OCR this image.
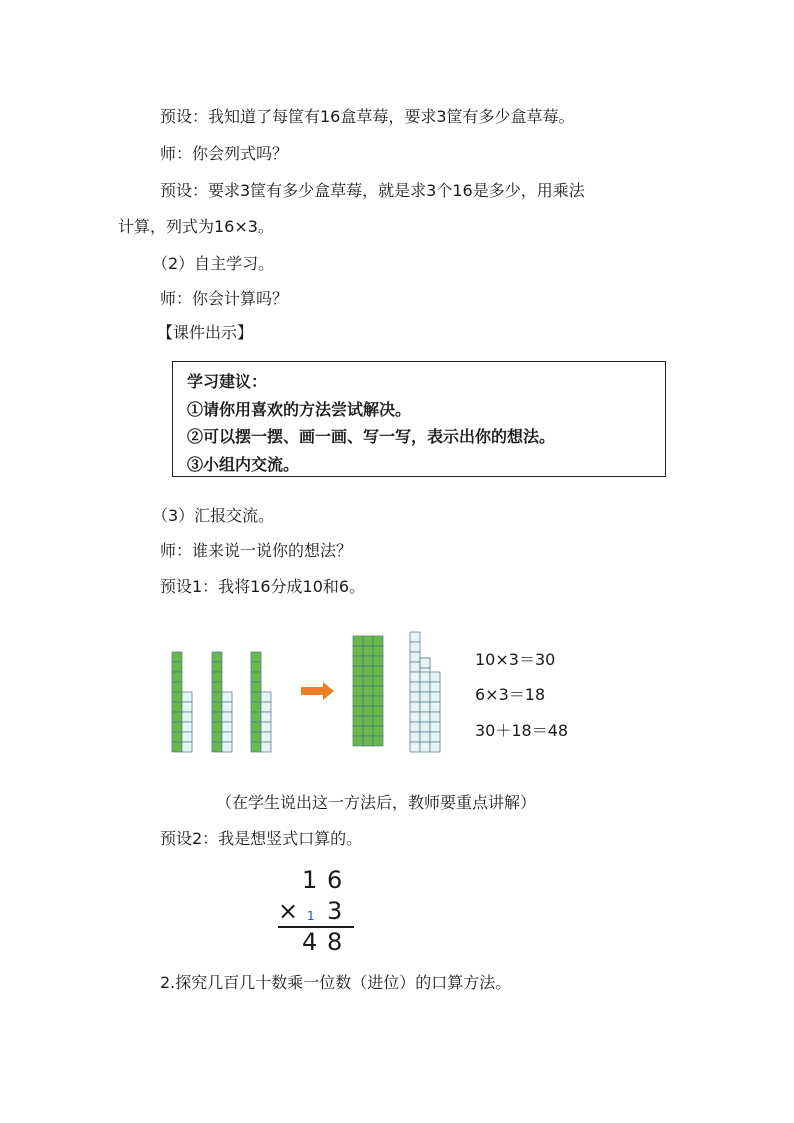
预设：我知道了每筐有16盒草莓，要求3筐有多少盒草莓。
师：你会列式吗？
预设：要求3筐有多少盒草莓，就是求3个16是多少，用乘法
计算，列式为16×3。
（2）自主学习。
师：你会计算吗？
【课件出示】
学习建议：
①请你用喜欢的方法尝试解决。
②可以摆一摆、画一画、写一写，表示出你的想法。
③小组内交流。
（3）汇报交流。
师：谁来说一说你的想法？
预设1：我将16分成10和6。
10×3＝30
6×3＝18
30＋18＝48
（在学生说出这一方法后，教师要重点讲解）
预设2：我是想竖式口算的。
1 6
× 1 3
4 8
2.探究几百几十数乘一位数（进位）的口算方法。
